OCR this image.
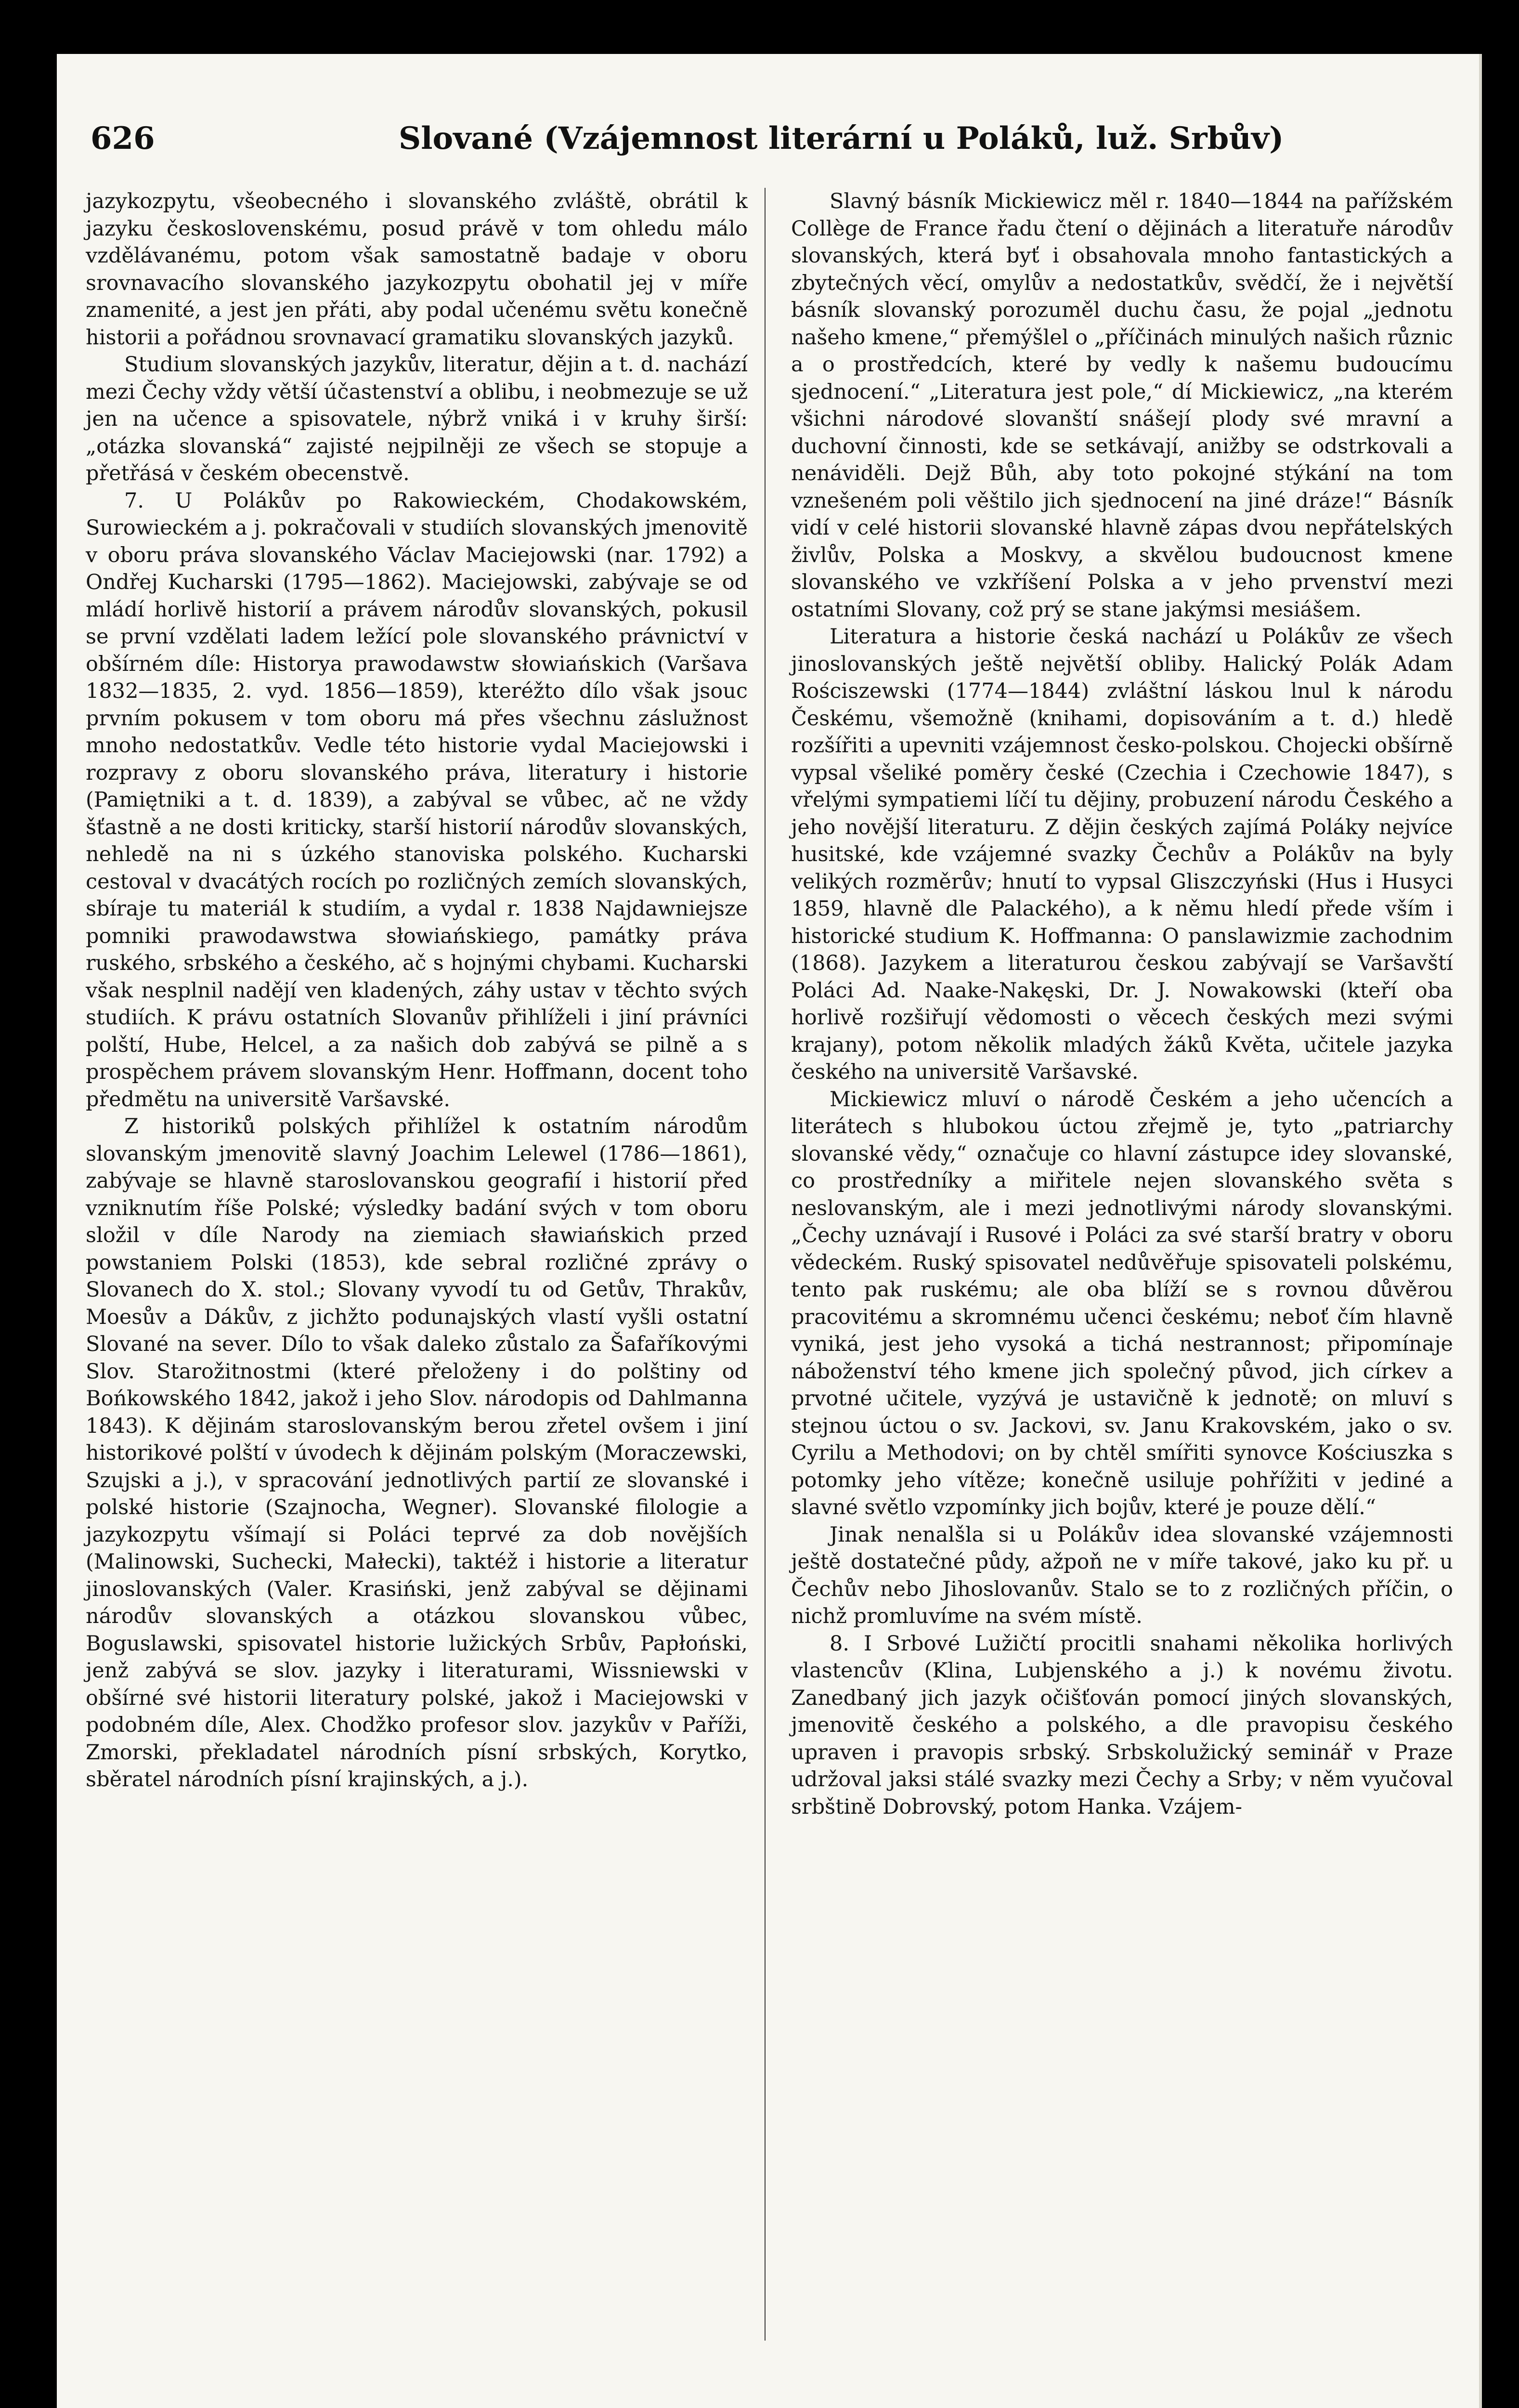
626	Slované (Vzájemnost literární u Poláků, luž. Srbův)

jazykozpytu, všeobecného i slovanského zvláště, obrátil k jazyku československému, posud právě v tom ohledu málo vzdělávanému, potom však samostatně badaje v oboru srovnavacího slovanského jazykozpytu obohatil jej v míře znamenité, a jest jen přáti, aby podal učenému světu konečně historii a pořádnou srovnavací gramatiku slovanských jazyků.

Studium slovanských jazykův, literatur, dějin a t. d. nachází mezi Čechy vždy větší účastenství a oblibu, i neobmezuje se už jen na učence a spisovatele, nýbrž vniká i v kruhy širší: „otázka slovanská“ zajisté nejpilněji ze všech se stopuje a přetřásá v českém obecenstvě.

7. U Polákův po Rakowieckém, Chodakowském, Surowieckém a j. pokračovali v studiích slovanských jmenovitě v oboru práva slovanského Václav Maciejowski (nar. 1792) a Ondřej Kucharski (1795—1862). Maciejowski, zabývaje se od mládí horlivě historií a právem národův slovanských, pokusil se první vzdělati ladem ležící pole slovanského právnictví v obšírném díle: Historya prawodawstw słowiańskich (Varšava 1832—1835, 2. vyd. 1856—1859), kteréžto dílo však jsouc prvním pokusem v tom oboru má přes všechnu záslužnost mnoho nedostatkův. Vedle této historie vydal Maciejowski i rozpravy z oboru slovanského práva, literatury i historie (Pamiętniki a t. d. 1839), a zabýval se vůbec, ač ne vždy šťastně a ne dosti kriticky, starší historií národův slovanských, nehledě na ni s úzkého stanoviska polského. Kucharski cestoval v dvacátých rocích po rozličných zemích slovanských, sbíraje tu materiál k studiím, a vydal r. 1838 Najdawniejsze pomniki prawodawstwa słowiańskiego, památky práva ruského, srbského a českého, ač s hojnými chybami. Kucharski však nesplnil nadějí ven kladených, záhy ustav v těchto svých studiích. K právu ostatních Slovanův přihlíželi i jiní právníci polští, Hube, Helcel, a za našich dob zabývá se pilně a s prospěchem právem slovanským Henr. Hoffmann, docent toho předmětu na universitě Varšavské.

Z historiků polských přihlížel k ostatním národům slovanským jmenovitě slavný Joachim Lelewel (1786—1861), zabývaje se hlavně staroslovanskou geografií i historií před vzniknutím říše Polské; výsledky badání svých v tom oboru složil v díle Narody na ziemiach sławiańskich przed powstaniem Polski (1853), kde sebral rozličné zprávy o Slovanech do X. stol.; Slovany vyvodí tu od Getův, Thrakův, Moesův a Dákův, z jichžto podunajských vlastí vyšli ostatní Slované na sever. Dílo to však daleko zůstalo za Šafaříkovými Slov. Starožitnostmi (které přeloženy i do polštiny od Bońkowského 1842, jakož i jeho Slov. národopis od Dahlmanna 1843). K dějinám staroslovanským berou zřetel ovšem i jiní historikové polští v úvodech k dějinám polským (Moraczewski, Szujski a j.), v spracování jednotlivých partií ze slovanské i polské historie (Szajnocha, Wegner). Slovanské filologie a jazykozpytu všímají si Poláci teprvé za dob novějších (Malinowski, Suchecki, Małecki), taktéž i historie a literatur jinoslovanských (Valer. Krasiński, jenž zabýval se dějinami národův slovanských a otázkou slovanskou vůbec, Boguslawski, spisovatel historie lužických Srbův, Papłoński, jenž zabývá se slov. jazyky i literaturami, Wissniewski v obšírné své historii literatury polské, jakož i Maciejowski v podobném díle, Alex. Chodžko profesor slov. jazykův v Paříži, Zmorski, překladatel národních písní srbských, Korytko, sběratel národních písní krajinských, a j.).

Slavný básník Mickiewicz měl r. 1840—1844 na pařížském Collège de France řadu čtení o dějinách a literatuře národův slovanských, která byť i obsahovala mnoho fantastických a zbytečných věcí, omylův a nedostatkův, svědčí, že i největší básník slovanský porozuměl duchu času, že pojal „jednotu našeho kmene,“ přemýšlel o „příčinách minulých našich různic a o prostředcích, které by vedly k našemu budoucímu sjednocení.“ „Literatura jest pole,“ dí Mickiewicz, „na kterém všichni národové slovanští snášejí plody své mravní a duchovní činnosti, kde se setkávají, anižby se odstrkovali a nenáviděli. Dejž Bůh, aby toto pokojné stýkání na tom vznešeném poli věštilo jich sjednocení na jiné dráze!“ Básník vidí v celé historii slovanské hlavně zápas dvou nepřátelských živlův, Polska a Moskvy, a skvělou budoucnost kmene slovanského ve vzkříšení Polska a v jeho prvenství mezi ostatními Slovany, což prý se stane jakýmsi mesiášem.

Literatura a historie česká nachází u Polákův ze všech jinoslovanských ještě největší obliby. Halický Polák Adam Rościszewski (1774—1844) zvláštní láskou lnul k národu Českému, všemožně (knihami, dopisováním a t. d.) hledě rozšířiti a upevniti vzájemnost česko-polskou. Chojecki obšírně vypsal všeliké poměry české (Czechia i Czechowie 1847), s vřelými sympatiemi líčí tu dějiny, probuzení národu Českého a jeho novější literaturu. Z dějin českých zajímá Poláky nejvíce husitské, kde vzájemné svazky Čechův a Polákův na byly velikých rozměrův; hnutí to vypsal Gliszczyński (Hus i Husyci 1859, hlavně dle Palackého), a k němu hledí přede vším i historické studium K. Hoffmanna: O panslawizmie zachodnim (1868). Jazykem a literaturou českou zabývají se Varšavští Poláci Ad. Naake-Nakęski, Dr. J. Nowakowski (kteří oba horlivě rozšiřují vědomosti o věcech českých mezi svými krajany), potom několik mladých žáků Květa, učitele jazyka českého na universitě Varšavské.

Mickiewicz mluví o národě Českém a jeho učencích a literátech s hlubokou úctou zřejmě je, tyto „patriarchy slovanské vědy,“ označuje co hlavní zástupce idey slovanské, co prostředníky a miřitele nejen slovanského světa s neslovanským, ale i mezi jednotlivými národy slovanskými. „Čechy uznávají i Rusové i Poláci za své starší bratry v oboru vědeckém. Ruský spisovatel nedůvěřuje spisovateli polskému, tento pak ruskému; ale oba blíží se s rovnou důvěrou pracovitému a skromnému učenci českému; neboť čím hlavně vyniká, jest jeho vysoká a tichá nestrannost; připomínaje náboženství tého kmene jich společný původ, jich církev a prvotné učitele, vyzývá je ustavičně k jednotě; on mluví s stejnou úctou o sv. Jackovi, sv. Janu Krakovském, jako o sv. Cyrilu a Methodovi; on by chtěl smířiti synovce Kościuszka s potomky jeho vítěze; konečně usiluje pohřížiti v jediné a slavné světlo vzpomínky jich bojův, které je pouze dělí.“

Jinak nenalšla si u Polákův idea slovanské vzájemnosti ještě dostatečné půdy, ažpoň ne v míře takové, jako ku př. u Čechův nebo Jihoslovanův. Stalo se to z rozličných příčin, o nichž promluvíme na svém místě.

8. I Srbové Lužičtí procitli snahami několika horlivých vlastencův (Klina, Lubjenského a j.) k novému životu. Zanedbaný jich jazyk očišťován pomocí jiných slovanských, jmenovitě českého a polského, a dle pravopisu českého upraven i pravopis srbský. Srbskolužický seminář v Praze udržoval jaksi stálé svazky mezi Čechy a Srby; v něm vyučoval srbštině Dobrovský, potom Hanka. Vzájem-
